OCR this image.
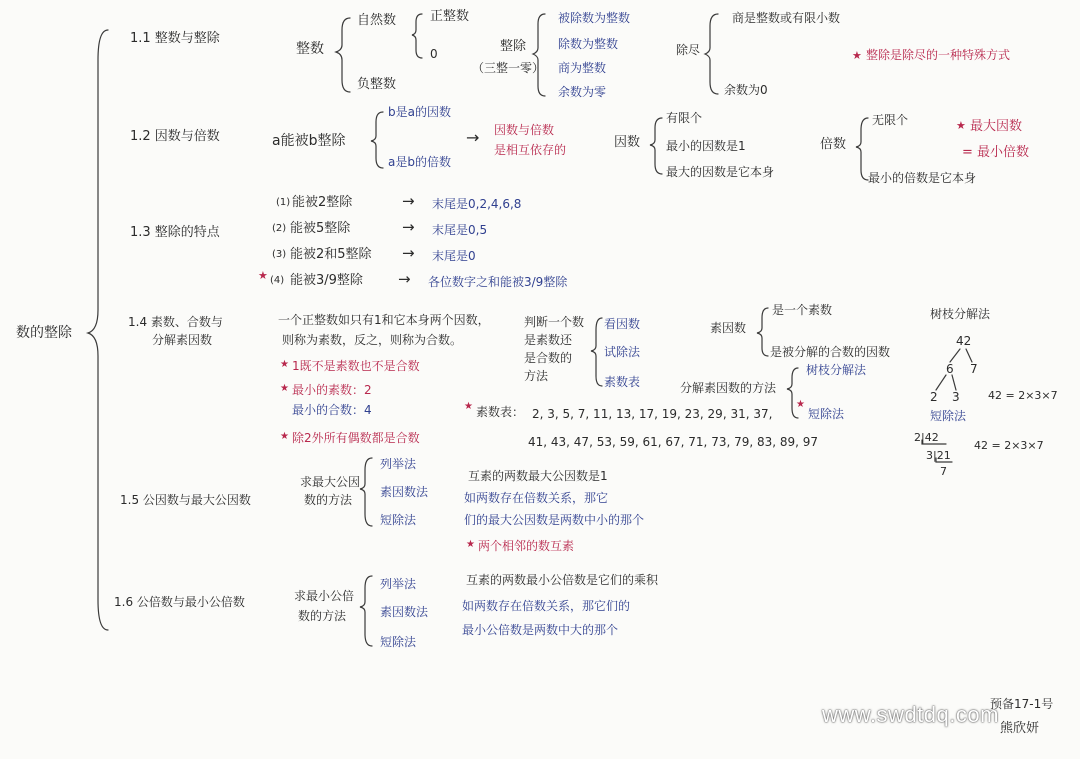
数的整除
1.1 整数与整除
整数
自然数	正整数
0
负整数
整除
（三整一零）
被除数为整数
除数为整数
商为整数
余数为零
除尽
商是整数或有限小数
余数为0
★ 整除是除尽的一种特殊方式
1.2 因数与倍数	a能被b整除
b是a的因数
a是b的倍数
→ 因数与倍数
是相互依存的	因数
有限个
最小的因数是1
最大的因数是它本身
倍数
无限个
最小的倍数是它本身
★ 最大因数
= 最小倍数
1.3 整除的特点
(1) 能被2整除	→ 末尾是0,2,4,6,8
(2) 能被5整除	→ 末尾是0,5
(3) 能被2和5整除 → 末尾是0
★ (4) 能被3/9整除 → 各位数字之和能被3/9整除
1.4 素数、合数与
分解素因数
一个正整数如只有1和它本身两个因数，
则称为素数，反之，则称为合数。
★ 1既不是素数也不是合数
★ 最小的素数：2
最小的合数：4
★ 除2外所有偶数都是合数
判断一个数
是素数还
是合数的
方法
看因数
试除法
素数表
★ 素数表： 2, 3, 5, 7, 11, 13, 17, 19, 23, 29, 31, 37,
41, 43, 47, 53, 59, 61, 67, 71, 73, 79, 83, 89, 97
素因数
是一个素数
是被分解的合数的因数
分解素因数的方法
树枝分解法
★
短除法
树枝分解法
42
6 7
2 3	42 = 2×3×7
短除法
2|42
3|21
7
42 = 2×3×7
1.5 公因数与最大公因数
求最大公因
数的方法
列举法
素因数法
短除法
互素的两数最大公因数是1
如两数存在倍数关系，那它
们的最大公因数是两数中小的那个
★ 两个相邻的数互素
1.6 公倍数与最小公倍数	求最小公倍
数的方法
列举法
素因数法
短除法
互素的两数最小公倍数是它们的乘积
如两数存在倍数关系，那它们的
最小公倍数是两数中大的那个
预备17-1号
熊欣妍
www.swdtdq.com
